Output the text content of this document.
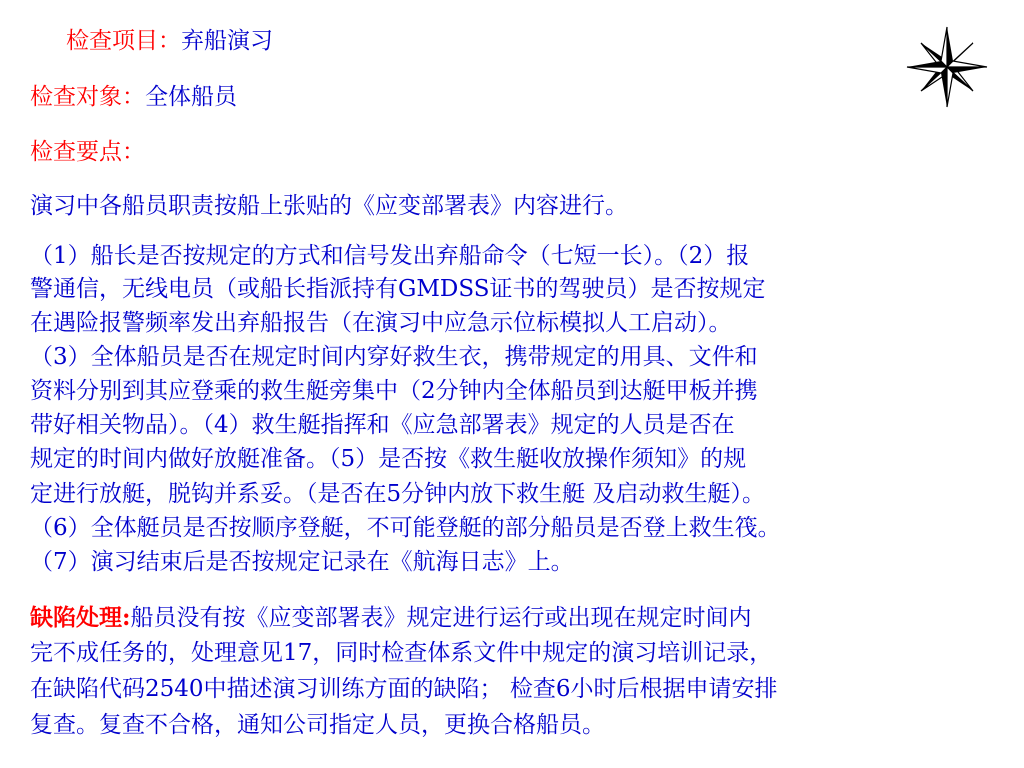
检查项目：弃船演习
检查对象：全体船员
检查要点：
演习中各船员职责按船上张贴的《应变部署表》内容进行。
（1）船长是否按规定的方式和信号发出弃船命令（七短一长）。（2）报
警通信，无线电员（或船长指派持有GMDSS证书的驾驶员）是否按规定
在遇险报警频率发出弃船报告（在演习中应急示位标模拟人工启动）。
（3）全体船员是否在规定时间内穿好救生衣，携带规定的用具、文件和
资料分别到其应登乘的救生艇旁集中（2分钟内全体船员到达艇甲板并携
带好相关物品）。（4）救生艇指挥和《应急部署表》规定的人员是否在
规定的时间内做好放艇准备。（5）是否按《救生艇收放操作须知》的规
定进行放艇，脱钩并系妥。（是否在5分钟内放下救生艇 及启动救生艇）。
（6）全体艇员是否按顺序登艇，不可能登艇的部分船员是否登上救生筏。
（7）演习结束后是否按规定记录在《航海日志》上。
缺陷处理:船员没有按《应变部署表》规定进行运行或出现在规定时间内
完不成任务的，处理意见17，同时检查体系文件中规定的演习培训记录，
在缺陷代码2540中描述演习训练方面的缺陷； 检查6小时后根据申请安排
复查。复查不合格，通知公司指定人员，更换合格船员。
